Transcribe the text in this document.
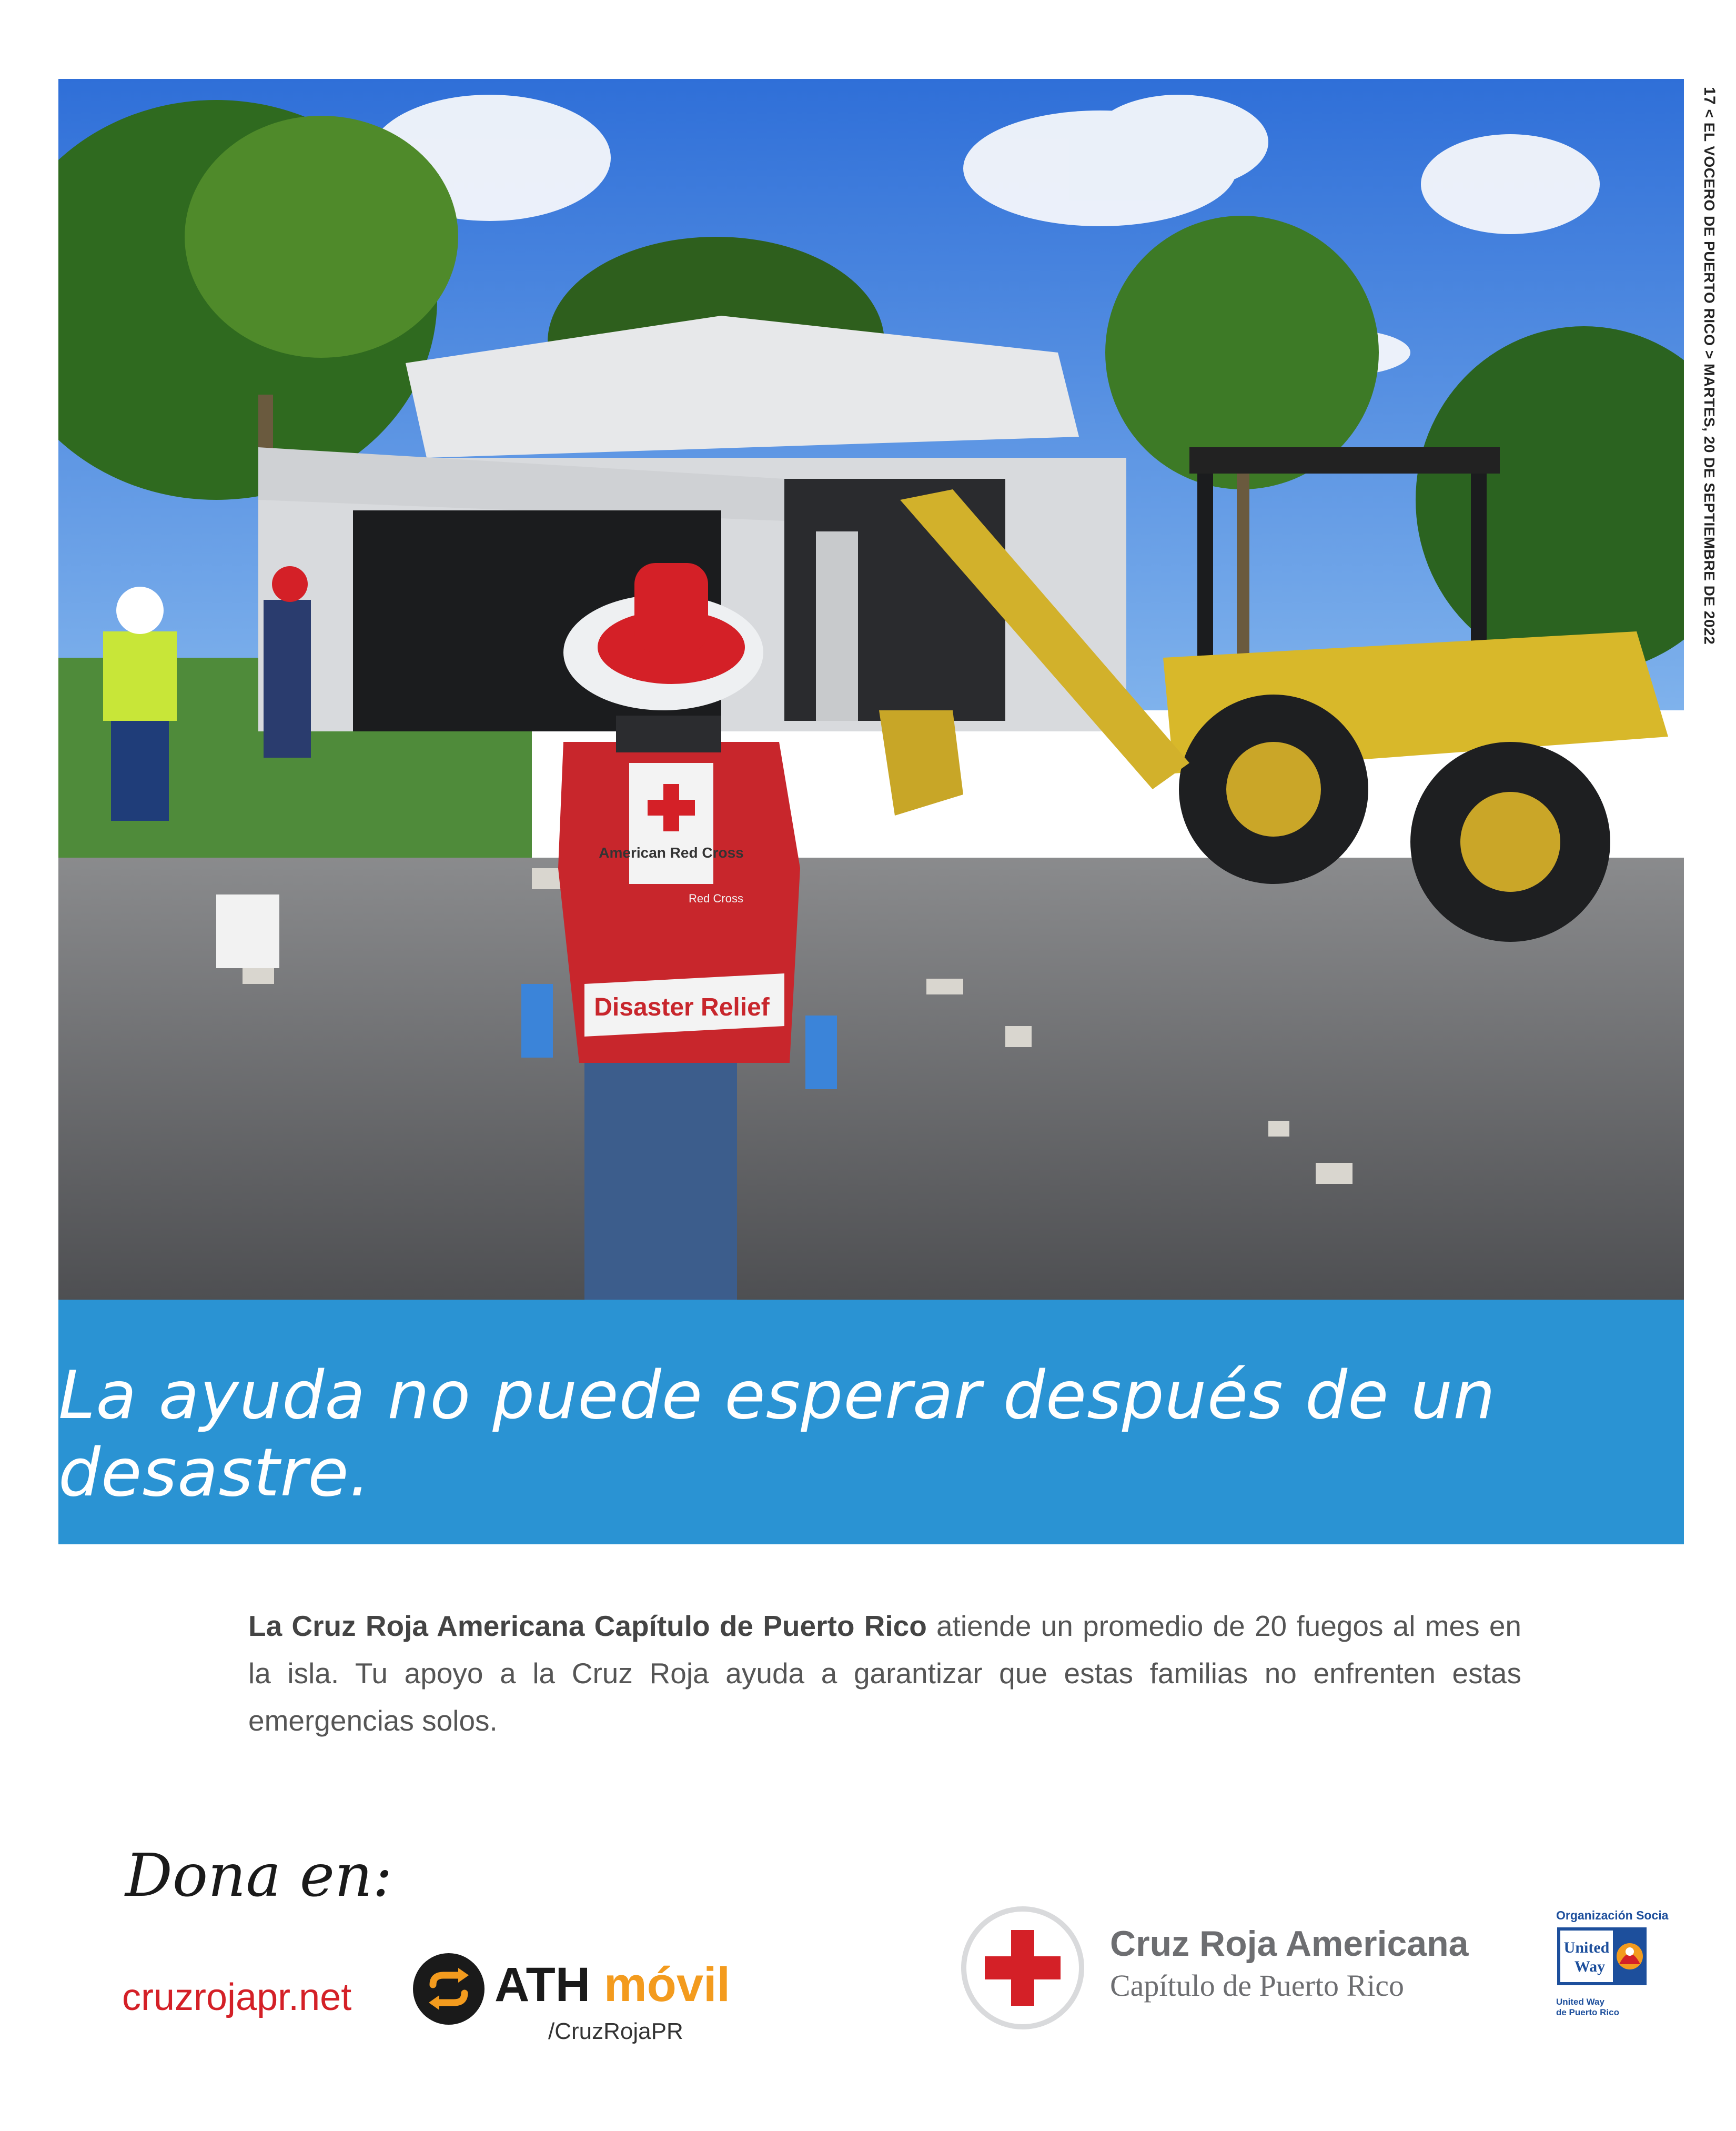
American Red Cross
Red Cross
Disaster Relief
17 < EL VOCERO DE PUERTO RICO > MARTES, 20 DE SEPTIEMBRE DE 2022
La ayuda no puede esperar después de un desastre.
La Cruz Roja Americana Capítulo de Puerto Rico atiende un promedio de 20 fuegos al mes en la isla. Tu apoyo a la Cruz Roja ayuda a garantizar que estas familias no enfrenten estas emergencias solos.
Dona en:
cruzrojapr.net	ATH móvil
/CruzRojaPR
Cruz Roja Americana
Capítulo de Puerto Rico
Organización Socia
United
Way
United Way
de Puerto Rico
